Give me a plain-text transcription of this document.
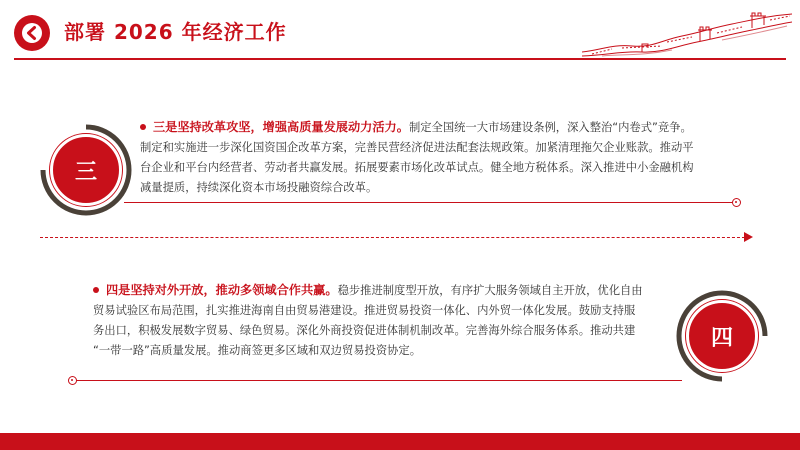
部署 2026 年经济工作
三
三是坚持改革攻坚，增强高质量发展动力活力。制定全国统一大市场建设条例，深入整治“内卷式”竞争。
制定和实施进一步深化国资国企改革方案，完善民营经济促进法配套法规政策。加紧清理拖欠企业账款。推动平
台企业和平台内经营者、劳动者共赢发展。拓展要素市场化改革试点。健全地方税体系。深入推进中小金融机构
减量提质，持续深化资本市场投融资综合改革。
四是坚持对外开放，推动多领域合作共赢。稳步推进制度型开放，有序扩大服务领域自主开放，优化自由
贸易试验区布局范围，扎实推进海南自由贸易港建设。推进贸易投资一体化、内外贸一体化发展。鼓励支持服
务出口，积极发展数字贸易、绿色贸易。深化外商投资促进体制机制改革。完善海外综合服务体系。推动共建
“一带一路”高质量发展。推动商签更多区域和双边贸易投资协定。	四
